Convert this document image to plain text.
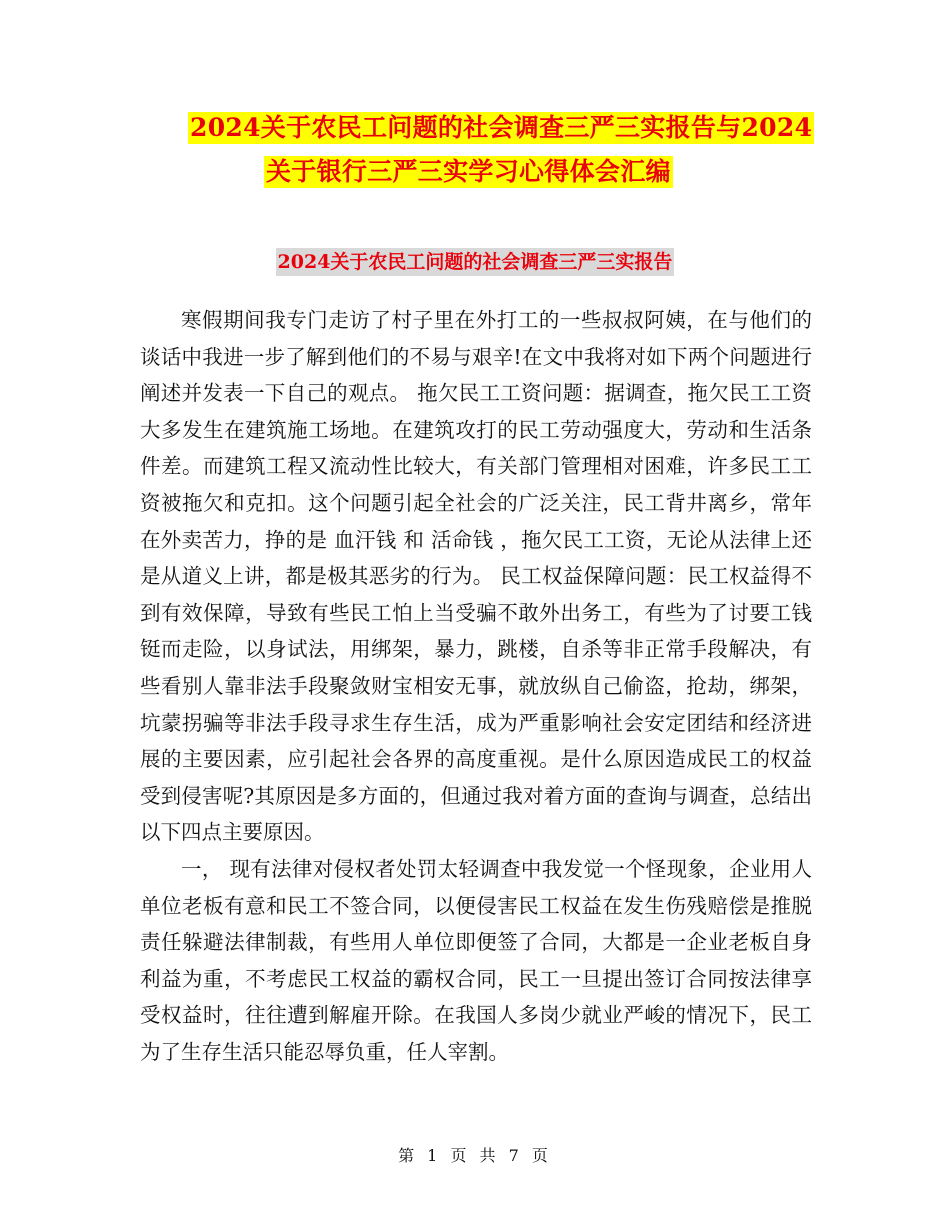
2024关于农民工问题的社会调查三严三实报告与2024
关于银行三严三实学习心得体会汇编
2024关于农民工问题的社会调查三严三实报告

寒假期间我专门走访了村子里在外打工的一些叔叔阿姨，在与他们的谈话中我进一步了解到他们的不易与艰辛!在文中我将对如下两个问题进行阐述并发表一下自己的观点。 拖欠民工工资问题：据调查，拖欠民工工资大多发生在建筑施工场地。在建筑攻打的民工劳动强度大，劳动和生活条件差。而建筑工程又流动性比较大，有关部门管理相对困难，许多民工工资被拖欠和克扣。这个问题引起全社会的广泛关注，民工背井离乡，常年在外卖苦力，挣的是 血汗钱 和 活命钱 ，拖欠民工工资，无论从法律上还是从道义上讲，都是极其恶劣的行为。 民工权益保障问题：民工权益得不到有效保障，导致有些民工怕上当受骗不敢外出务工，有些为了讨要工钱铤而走险，以身试法，用绑架，暴力，跳楼，自杀等非正常手段解决，有些看别人靠非法手段聚敛财宝相安无事，就放纵自己偷盗，抢劫，绑架，坑蒙拐骗等非法手段寻求生存生活，成为严重影响社会安定团结和经济进展的主要因素，应引起社会各界的高度重视。是什么原因造成民工的权益受到侵害呢?其原因是多方面的，但通过我对着方面的查询与调查，总结出以下四点主要原因。

一， 现有法律对侵权者处罚太轻调查中我发觉一个怪现象，企业用人单位老板有意和民工不签合同，以便侵害民工权益在发生伤残赔偿是推脱责任躲避法律制裁，有些用人单位即便签了合同，大都是一企业老板自身利益为重，不考虑民工权益的霸权合同，民工一旦提出签订合同按法律享受权益时，往往遭到解雇开除。在我国人多岗少就业严峻的情况下，民工为了生存生活只能忍辱负重，任人宰割。

第 1 页 共 7 页
